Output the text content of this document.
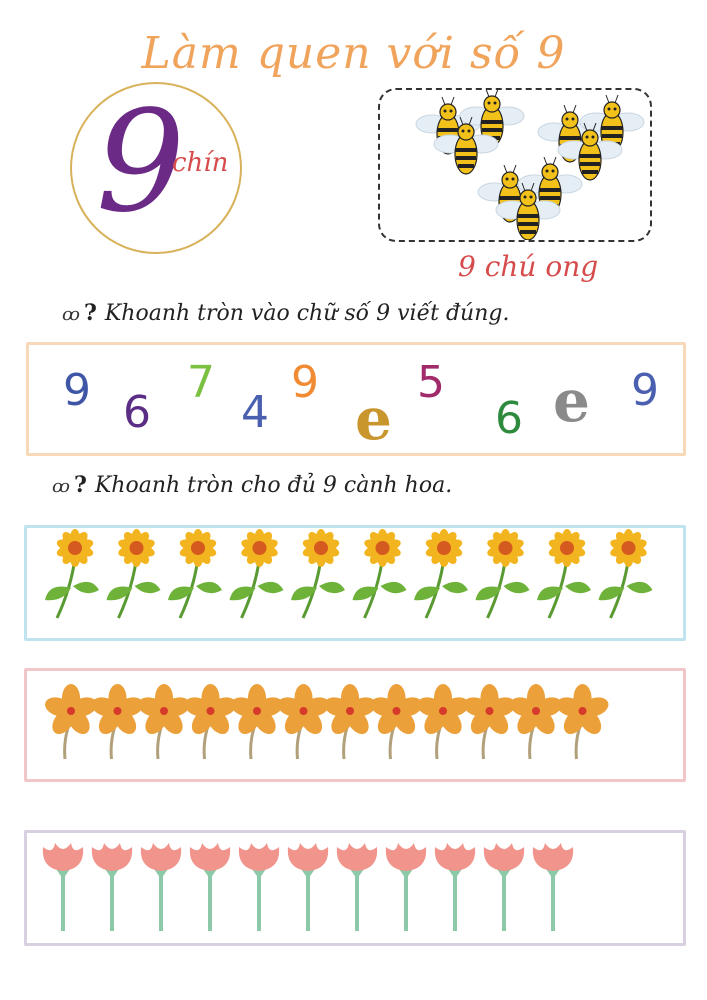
Làm quen với số 9
9
chín
9 chú ong
ꝏ ? Khoanh tròn vào chữ số 9 viết đúng.
9 6
7
4
9
e
5
6 e 9
ꝏ ? Khoanh tròn cho đủ 9 cành hoa.
